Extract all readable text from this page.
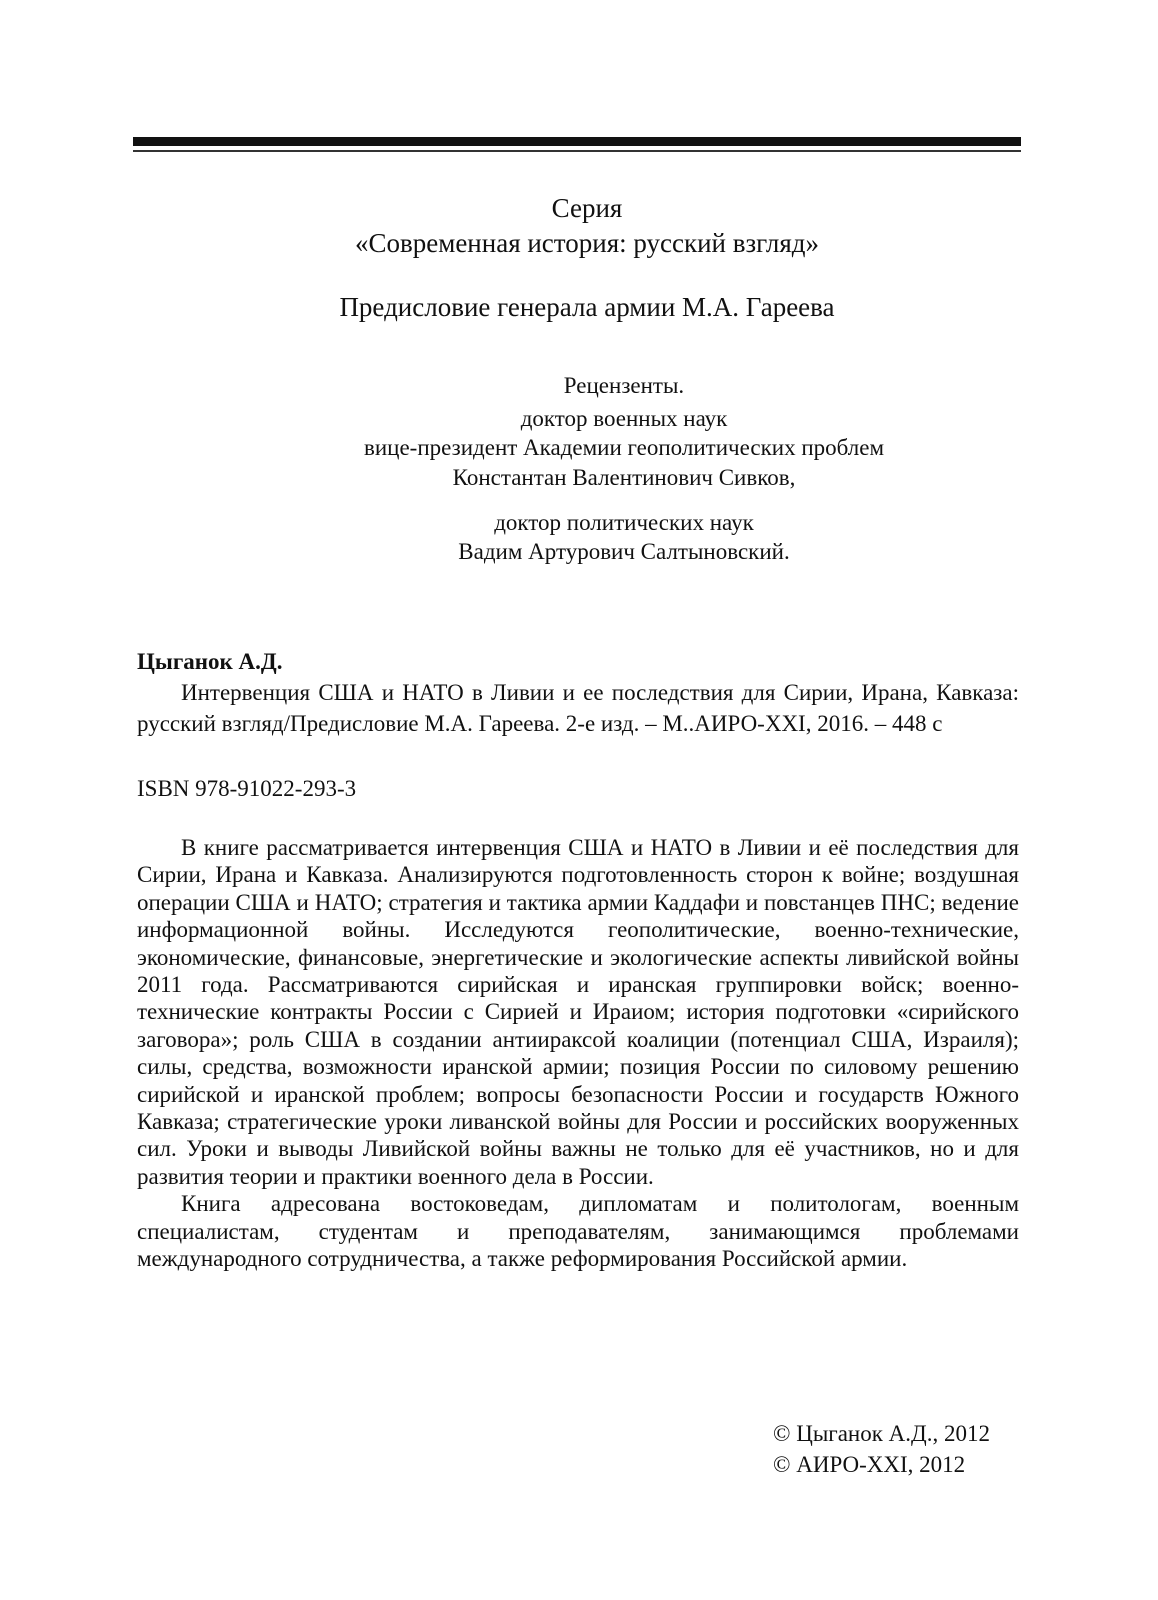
Серия
«Современная история: русский взгляд»
Предисловие генерала армии М.А. Гареева
Рецензенты.
доктор военных наук
вице-президент Академии геополитических проблем
Константан Валентинович Сивков,
доктор политических наук
Вадим Артурович Салтыновский.
Цыганок А.Д.
Интервенция США и НАТО в Ливии и ее последствия для Сирии, Ирана, Кавказа: русский взгляд/Предисловие М.А. Гареева. 2-е изд. – М..АИРО-XXI, 2016. – 448 с
ISBN 978-91022-293-3

В книге рассматривается интервенция США и НАТО в Ливии и её последствия для Сирии, Ирана и Кавказа. Анализируются подготовленность сторон к войне; воздушная операции США и НАТО; стратегия и тактика армии Каддафи и повстанцев ПНС; ведение информационной войны. Исследуются геополитические, военно-технические, экономические, финансовые, энергетические и экологические аспекты ливийской войны 2011 года. Рассматриваются сирийская и иранская группировки войск; военно-технические контракты России с Сирией и Ираиом; история подготовки «сирийского заговора»; роль США в создании антиираксой коалиции (потенциал США, Израиля); силы, средства, возможности иранской армии; позиция России по силовому решению сирийской и иранской проблем; вопросы безопасности России и государств Южного Кавказа; стратегические уроки ливанской войны для России и российских вооруженных сил. Уроки и выводы Ливийской войны важны не только для её участников, но и для развития теории и практики военного дела в России.

Книга адресована востоковедам, дипломатам и политологам, военным специалистам, студентам и преподавателям, занимающимся проблемами международного сотрудничества, а также реформирования Российской армии.

© Цыганок А.Д., 2012
© АИРО-XXI, 2012
